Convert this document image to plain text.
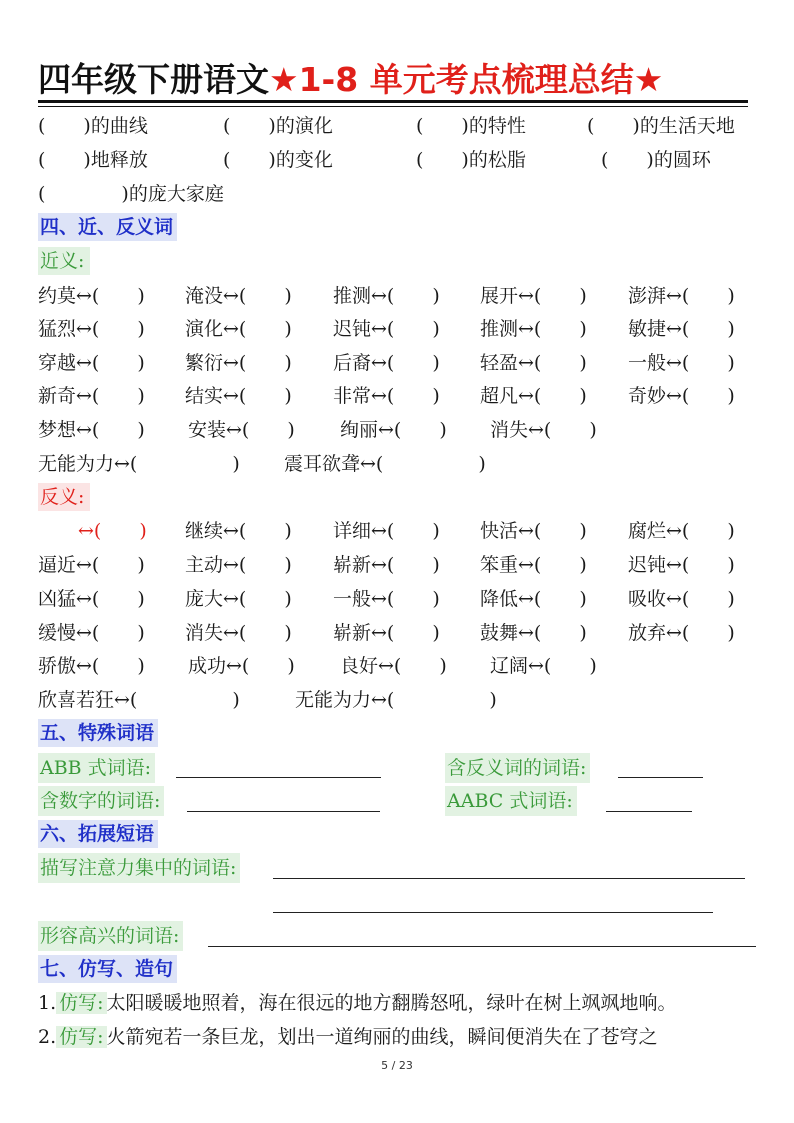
四年级下册语文★1-8 单元考点梳理总结★
(　　)的曲线	(　　)的演化	(　　)的特性	(　　)的生活天地
(　　)地释放	(　　)的变化	(　　)的松脂	(　　)的圆环
(　　　　)的庞大家庭
四、近、反义词
近义:
约莫↔(　　) 淹没↔(　　) 推测↔(　　) 展开↔(　　) 澎湃↔(　　)
猛烈↔(　　) 演化↔(　　) 迟钝↔(　　) 推测↔(　　) 敏捷↔(　　)
穿越↔(　　) 繁衍↔(　　) 后裔↔(　　) 轻盈↔(　　) 一般↔(　　)
新奇↔(　　) 结实↔(　　) 非常↔(　　) 超凡↔(　　) 奇妙↔(　　)
梦想↔(　　) 安装↔(　　) 绚丽↔(　　) 消失↔(　　)
无能为力↔(　　　　　) 震耳欲聋↔(　　　　　)
反义:
↔(　　) 继续↔(　　) 详细↔(　　) 快活↔(　　) 腐烂↔(　　)
逼近↔(　　) 主动↔(　　) 崭新↔(　　) 笨重↔(　　) 迟钝↔(　　)
凶猛↔(　　) 庞大↔(　　) 一般↔(　　) 降低↔(　　) 吸收↔(　　)
缓慢↔(　　) 消失↔(　　) 崭新↔(　　) 鼓舞↔(　　) 放弃↔(　　)
骄傲↔(　　) 成功↔(　　) 良好↔(　　) 辽阔↔(　　)
欣喜若狂↔(　　　　　)	无能为力↔(　　　　　)
五、特殊词语
ABB 式词语:	含反义词的词语:
含数字的词语:	AABC 式词语:
六、拓展短语
描写注意力集中的词语:
形容高兴的词语:
七、仿写、造句
1. 仿写: 太阳暖暖地照着，海在很远的地方翻腾怒吼，绿叶在树上飒飒地响。
2. 仿写: 火箭宛若一条巨龙，划出一道绚丽的曲线，瞬间便消失在了苍穹之
5 / 23
